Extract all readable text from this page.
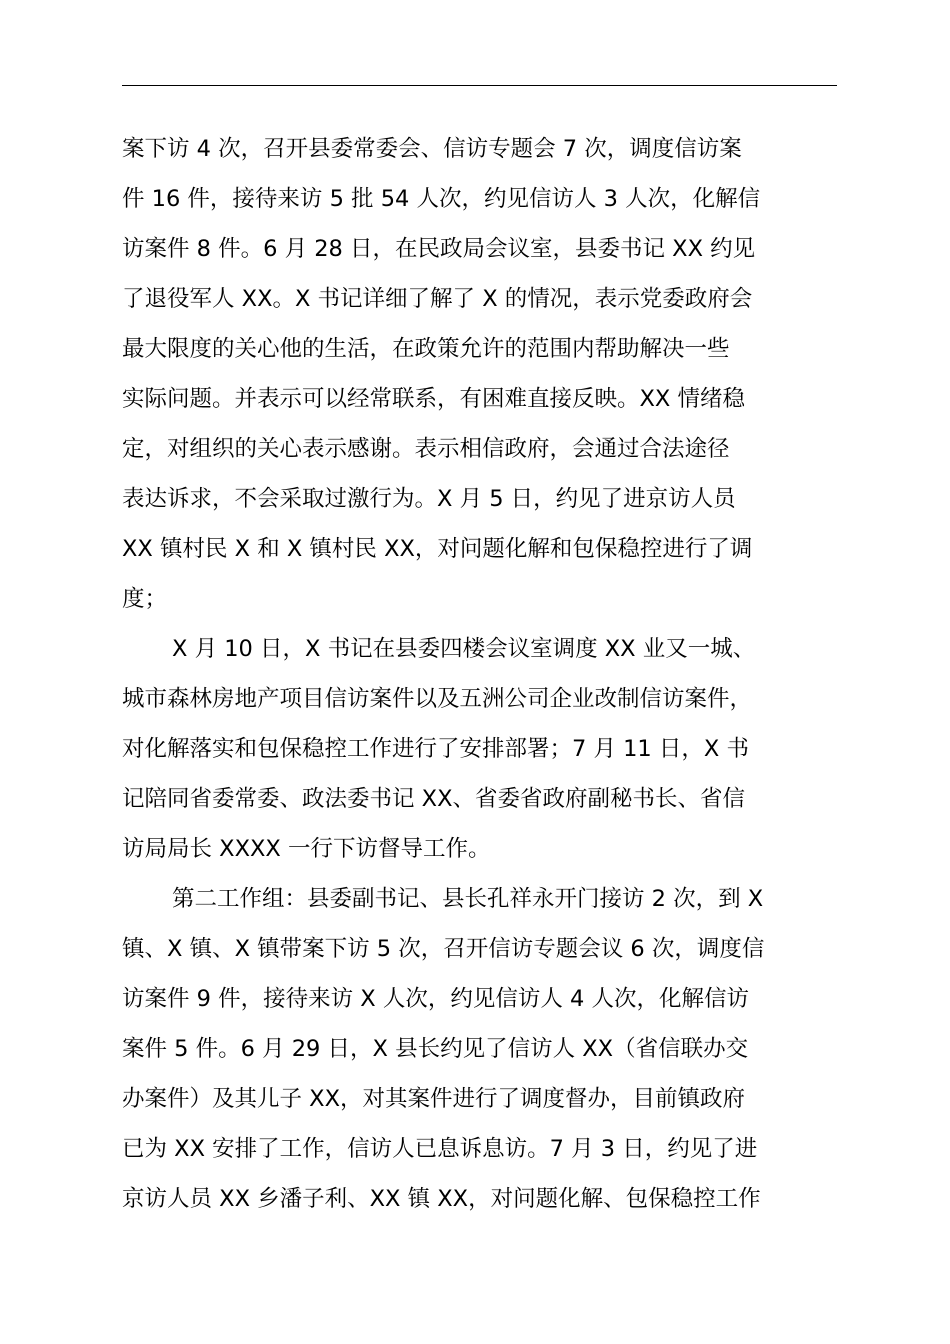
案下访 4 次，召开县委常委会、信访专题会 7 次，调度信访案
件 16 件，接待来访 5 批 54 人次，约见信访人 3 人次，化解信
访案件 8 件。6 月 28 日，在民政局会议室，县委书记 XX 约见
了退役军人 XX。X 书记详细了解了 X 的情况，表示党委政府会
最大限度的关心他的生活，在政策允许的范围内帮助解决一些
实际问题。并表示可以经常联系，有困难直接反映。XX 情绪稳
定，对组织的关心表示感谢。表示相信政府，会通过合法途径
表达诉求，不会采取过激行为。X 月 5 日，约见了进京访人员
XX 镇村民 X 和 X 镇村民 XX，对问题化解和包保稳控进行了调
度；
X 月 10 日，X 书记在县委四楼会议室调度 XX 业又一城、
城市森林房地产项目信访案件以及五洲公司企业改制信访案件，
对化解落实和包保稳控工作进行了安排部署；7 月 11 日，X 书
记陪同省委常委、政法委书记 XX、省委省政府副秘书长、省信
访局局长 XXXX 一行下访督导工作。
第二工作组：县委副书记、县长孔祥永开门接访 2 次，到 X
镇、X 镇、X 镇带案下访 5 次，召开信访专题会议 6 次，调度信
访案件 9 件，接待来访 X 人次，约见信访人 4 人次，化解信访
案件 5 件。6 月 29 日，X 县长约见了信访人 XX（省信联办交
办案件）及其儿子 XX，对其案件进行了调度督办，目前镇政府
已为 XX 安排了工作，信访人已息诉息访。7 月 3 日，约见了进
京访人员 XX 乡潘子利、XX 镇 XX，对问题化解、包保稳控工作
